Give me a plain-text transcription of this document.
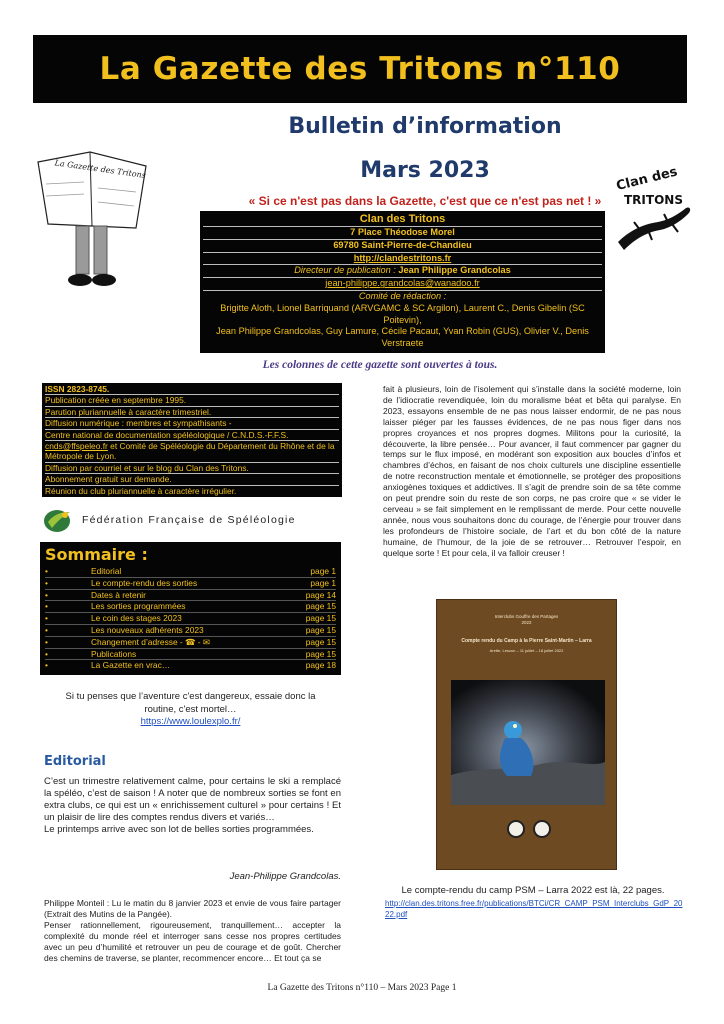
La Gazette des Tritons n°110
Bulletin d’information
Mars 2023
« Si ce n'est pas dans la Gazette, c'est que ce n'est pas net ! »
La Gazette des Tritons	Clan des
TRITONS
Clan des Tritons
7 Place Théodose Morel
69780 Saint-Pierre-de-Chandieu
http://clandestritons.fr
Directeur de publication : Jean Philippe Grandcolas
jean-philippe.grandcolas@wanadoo.fr
Comité de rédaction :
Brigitte Aloth, Lionel Barriquand (ARVGAMC & SC Argilon), Laurent C., Denis Gibelin (SC Poitevin),
Jean Philippe Grandcolas, Guy Lamure, Cécile Pacaut, Yvan Robin (GUS), Olivier V., Denis Verstraete
Les colonnes de cette gazette sont ouvertes à tous.
ISSN 2823-8745.
Publication créée en septembre 1995.
Parution pluriannuelle à caractère trimestriel.
Diffusion numérique : membres et sympathisants -
Centre national de documentation spéléologique / C.N.D.S.-F.F.S.
cnds@ffspeleo.fr et Comité de Spéléologie du Département du Rhône et de la Métropole de Lyon.
Diffusion par courriel et sur le blog du Clan des Tritons.
Abonnement gratuit sur demande.
Réunion du club pluriannuelle à caractère irrégulier.
Fédération Française de Spéléologie
Sommaire :
•	Editorial	page 1
•	Le compte-rendu des sorties	page 1
•	Dates à retenir	page 14
•	Les sorties programmées	page 15
•	Le coin des stages 2023	page 15
•	Les nouveaux adhérents 2023	page 15
•	Changement d’adresse - ☎ - ✉	page 15
•	Publications	page 15
•	La Gazette en vrac…	page 18
Si tu penses que l’aventure c'est dangereux, essaie donc la
routine, c'est mortel…
https://www.loulexplo.fr/
Editorial

C’est un trimestre relativement calme, pour certains le ski a remplacé la spéléo, c’est de saison ! A noter que de nombreux sorties se font en extra clubs, ce qui est un « enrichissement culturel » pour certains ! Et un plaisir de lire des comptes rendus divers et variés…

Le printemps arrive avec son lot de belles sorties programmées.

Jean-Philippe Grandcolas.
Philippe Monteil : Lu le matin du 8 janvier 2023 et envie de vous faire partager (Extrait des Mutins de la Pangée).
Penser rationnellement, rigoureusement, tranquillement… accepter la complexité du monde réel et interroger sans cesse nos propres certitudes avec un peu d’humilité et retrouver un peu de courage et de goût. Chercher des chemins de traverse, se planter, recommencer encore… Et tout ça se
fait à plusieurs, loin de l’isolement qui s’installe dans la société moderne, loin de l’idiocratie revendiquée, loin du moralisme béat et bêta qui paralyse. En 2023, essayons ensemble de ne pas nous laisser endormir, de ne pas nous laisser piéger par les fausses évidences, de ne pas nous figer dans nos propres croyances et nos propres dogmes. Militons pour la curiosité, la découverte, la libre pensée… Pour avancer, il faut commencer par gagner du temps sur le flux imposé, en modérant son exposition aux boucles d’infos et chambres d’échos, en faisant de nos choix culturels une discipline essentielle de notre reconstruction mentale et émotionnelle, se protéger des propositions anxiogènes toxiques et addictives. Il s’agit de prendre soin de sa tête comme on peut prendre soin du reste de son corps, ne pas croire que « se vider le cerveau » se fait simplement en le remplissant de merde. Pour cette nouvelle année, nous vous souhaitons donc du courage, de l’énergie pour trouver dans les profondeurs de l’histoire sociale, de l’art et du bon côté de la nature humaine, de l’humour, de la joie de se retrouver… Retrouver l’espoir, en quelque sorte ! Et pour cela, il va falloir creuser !
Interclubs Gouffre des Partages
2022
Compte rendu du Camp à la Pierre Saint-Martin – Larra
Arette, Lescun – 11 juillet – 18 juillet 2022
Le compte-rendu du camp PSM – Larra 2022 est là, 22 pages.
http://clan.des.tritons.free.fr/publications/BTCi/CR_CAMP_PSM_Interclubs_GdP_2022.pdf
La Gazette des Tritons n°110 – Mars 2023 Page 1
